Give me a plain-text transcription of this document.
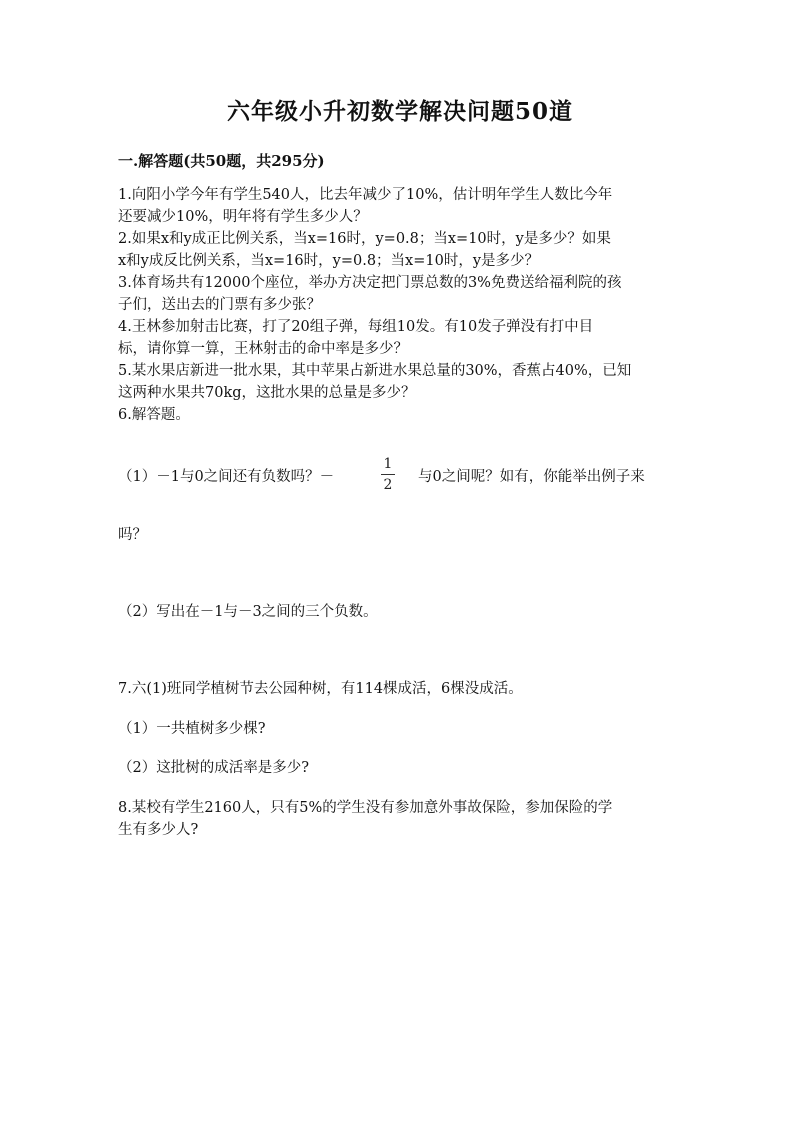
六年级小升初数学解决问题50道
一.解答题(共50题，共295分)
1.向阳小学今年有学生540人，比去年减少了10%，估计明年学生人数比今年
还要减少10%，明年将有学生多少人？
2.如果x和y成正比例关系，当x=16时，y=0.8；当x=10时，y是多少？如果
x和y成反比例关系，当x=16时，y=0.8；当x=10时，y是多少？
3.体育场共有12000个座位，举办方决定把门票总数的3%免费送给福利院的孩
子们，送出去的门票有多少张？
4.王林参加射击比赛，打了20组子弹，每组10发。有10发子弹没有打中目
标，请你算一算，王林射击的命中率是多少？
5.某水果店新进一批水果，其中苹果占新进水果总量的30%，香蕉占40%，已知
这两种水果共70kg，这批水果的总量是多少？
6.解答题。
（1）－1与0之间还有负数吗？－	与0之间呢？如有，你能举出例子来
1
2
吗？
（2）写出在－1与－3之间的三个负数。
7.六(1)班同学植树节去公园种树，有114棵成活，6棵没成活。
（1）一共植树多少棵?
（2）这批树的成活率是多少?
8.某校有学生2160人，只有5%的学生没有参加意外事故保险，参加保险的学
生有多少人?
